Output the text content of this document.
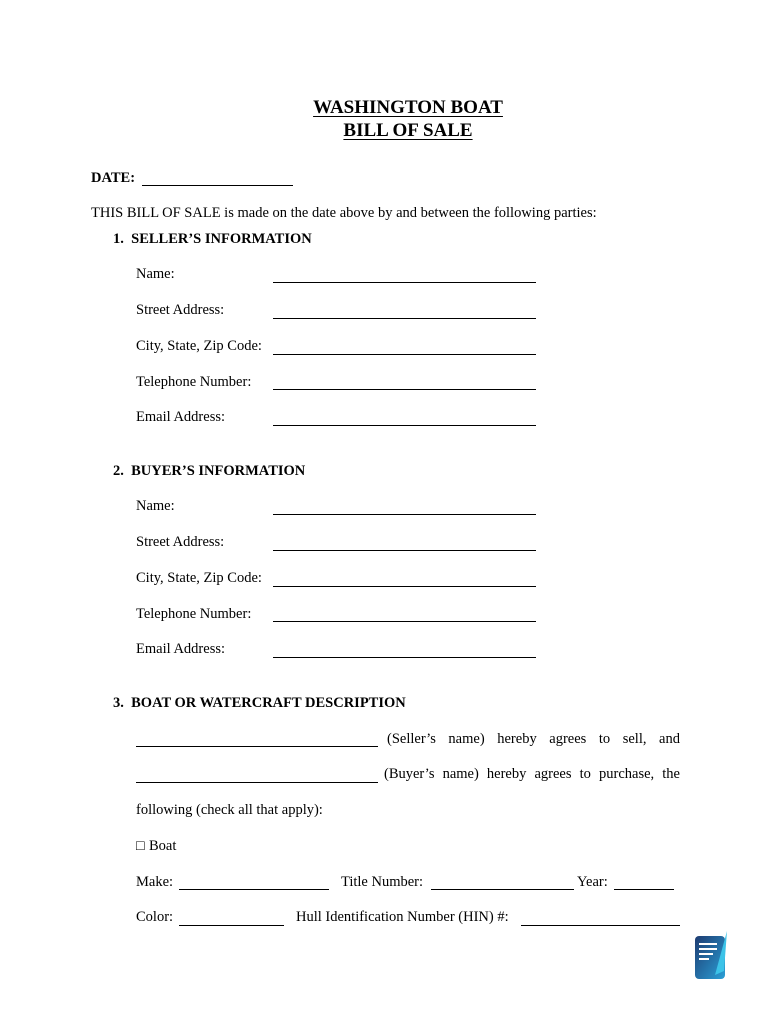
WASHINGTON BOAT
BILL OF SALE
DATE:
THIS BILL OF SALE is made on the date above by and between the following parties:
1.  SELLER’S INFORMATION
Name:
Street Address:
City, State, Zip Code:
Telephone Number:
Email Address:
2.  BUYER’S INFORMATION
Name:
Street Address:
City, State, Zip Code:
Telephone Number:
Email Address:
3.  BOAT OR WATERCRAFT DESCRIPTION
(Seller’s name) hereby agrees to sell, and
(Buyer’s name) hereby agrees to purchase, the
following (check all that apply):
□ Boat
Make:	Title Number:	Year:
Color:	Hull Identification Number (HIN) #:
